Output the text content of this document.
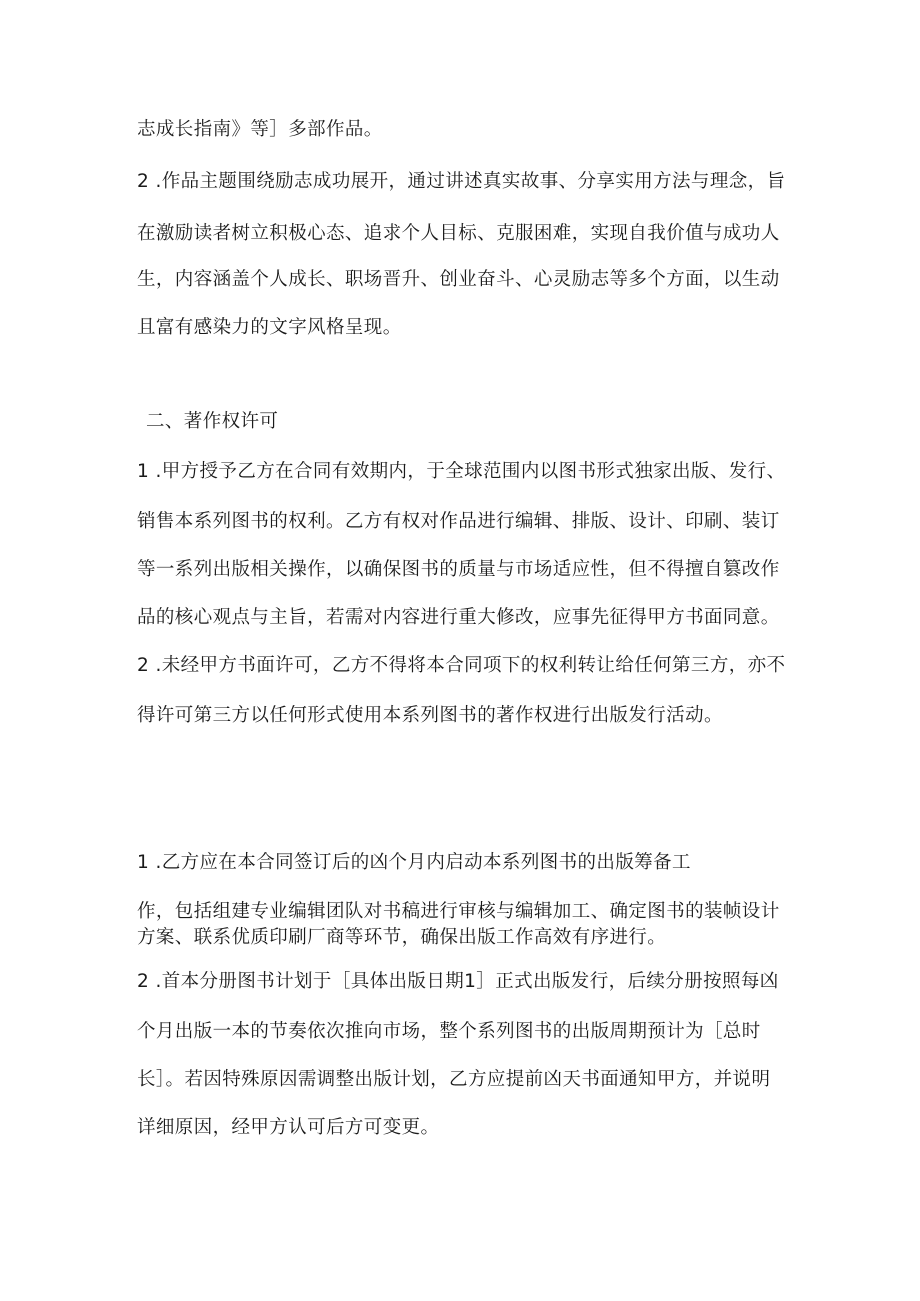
志成长指南》等］多部作品。

2 .作品主题围绕励志成功展开，通过讲述真实故事、分享实用方法与理念，旨

在激励读者树立积极心态、追求个人目标、克服困难，实现自我价值与成功人

生，内容涵盖个人成长、职场晋升、创业奋斗、心灵励志等多个方面，以生动

且富有感染力的文字风格呈现。

二、著作权许可

1 .甲方授予乙方在合同有效期内，于全球范围内以图书形式独家出版、发行、

销售本系列图书的权利。乙方有权对作品进行编辑、排版、设计、印刷、装订

等一系列出版相关操作，以确保图书的质量与市场适应性，但不得擅自篡改作

品的核心观点与主旨，若需对内容进行重大修改，应事先征得甲方书面同意。

2 .未经甲方书面许可，乙方不得将本合同项下的权利转让给任何第三方，亦不

得许可第三方以任何形式使用本系列图书的著作权进行出版发行活动。

1 .乙方应在本合同签订后的凶个月内启动本系列图书的出版筹备工

作，包括组建专业编辑团队对书稿进行审核与编辑加工、确定图书的装帧设计

方案、联系优质印刷厂商等环节，确保出版工作高效有序进行。

2 .首本分册图书计划于［具体出版日期1］正式出版发行，后续分册按照每凶

个月出版一本的节奏依次推向市场，整个系列图书的出版周期预计为［总时

长］。若因特殊原因需调整出版计划，乙方应提前凶天书面通知甲方，并说明

详细原因，经甲方认可后方可变更。
